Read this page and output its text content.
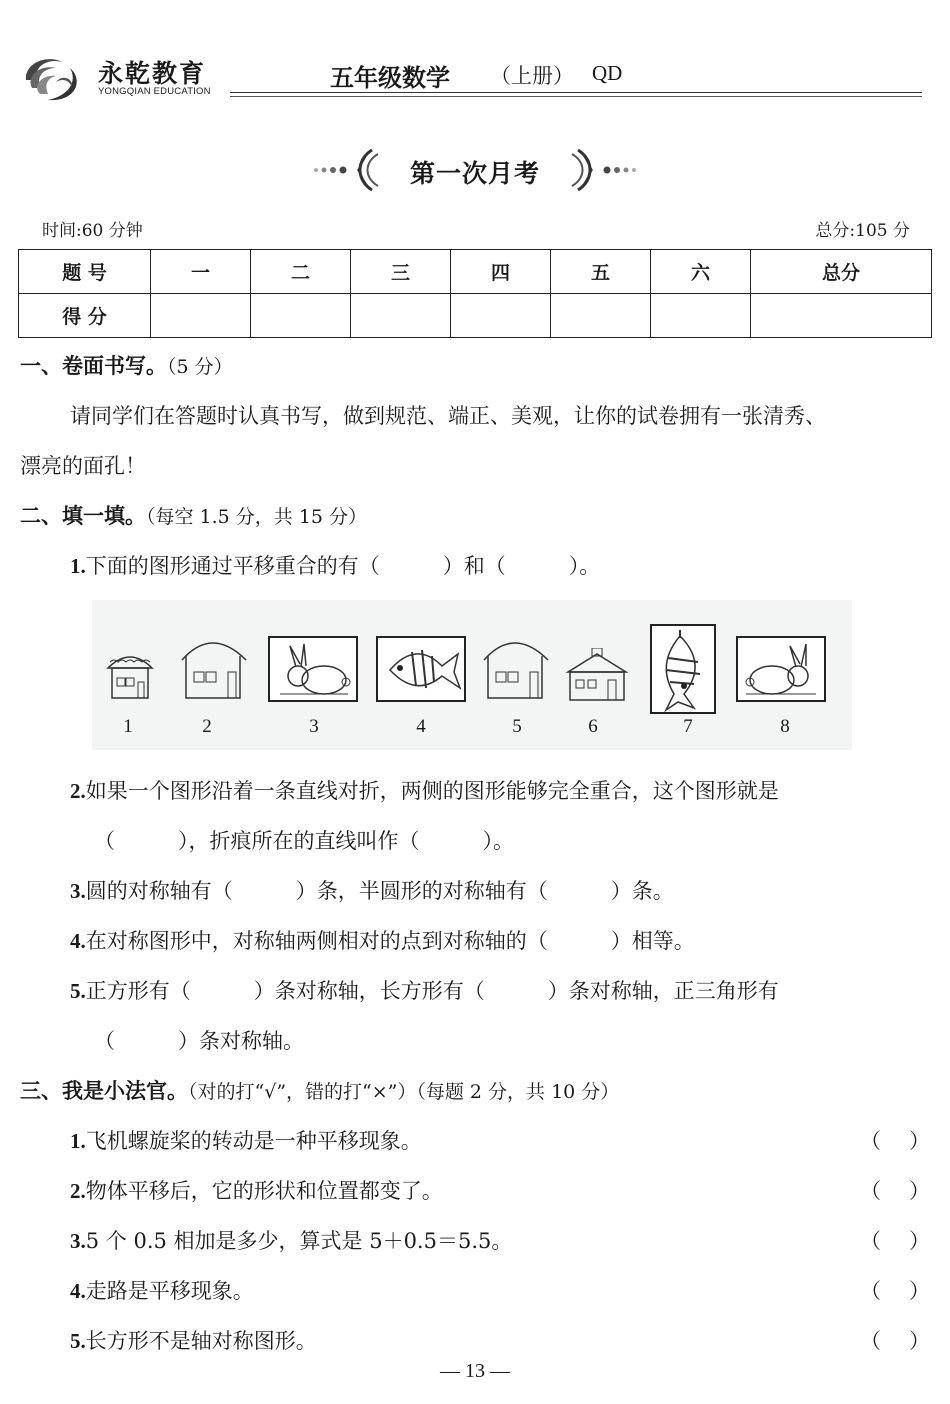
永乾教育
YONGQIAN EDUCATION	五年级数学 （上册） QD
第一次月考
时间:60 分钟	总分:105 分
题 号	一	二	三	四	五	六	总分
得 分							
一、卷面书写。（5 分）
请同学们在答题时认真书写，做到规范、端正、美观，让你的试卷拥有一张清秀、
漂亮的面孔！
二、填一填。（每空 1.5 分，共 15 分）
1.下面的图形通过平移重合的有（　　　）和（　　　）。
1	2	3	4	5	6	7	8
2.如果一个图形沿着一条直线对折，两侧的图形能够完全重合，这个图形就是
（　　　），折痕所在的直线叫作（　　　）。
3.圆的对称轴有（　　　）条，半圆形的对称轴有（　　　）条。
4.在对称图形中，对称轴两侧相对的点到对称轴的（　　　）相等。
5.正方形有（　　　）条对称轴，长方形有（　　　）条对称轴，正三角形有
（　　　）条对称轴。
三、我是小法官。（对的打“√”，错的打“×”）（每题 2 分，共 10 分）
1.飞机螺旋桨的转动是一种平移现象。	（ ）
2.物体平移后，它的形状和位置都变了。	（ ）
3.5 个 0.5 相加是多少，算式是 5＋0.5＝5.5。	（ ）
4.走路是平移现象。	（ ）
5.长方形不是轴对称图形。	（ ）
— 13 —
